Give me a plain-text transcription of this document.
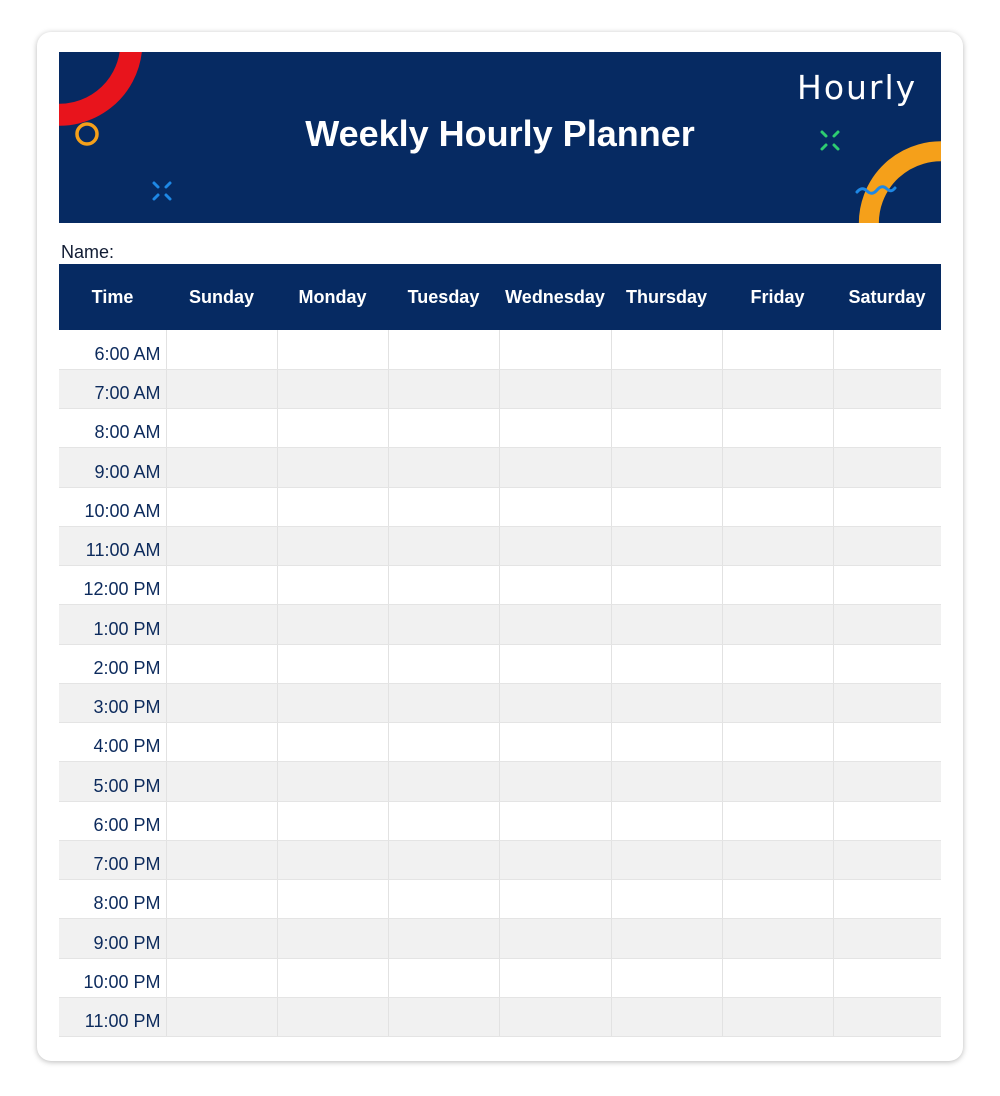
Hourly
Weekly Hourly Planner
Name:
Time	Sunday	Monday	Tuesday	Wednesday	Thursday	Friday	Saturday
6:00 AM							
7:00 AM							
8:00 AM							
9:00 AM							
10:00 AM							
11:00 AM							
12:00 PM							
1:00 PM							
2:00 PM							
3:00 PM							
4:00 PM							
5:00 PM							
6:00 PM							
7:00 PM							
8:00 PM							
9:00 PM							
10:00 PM							
11:00 PM							
